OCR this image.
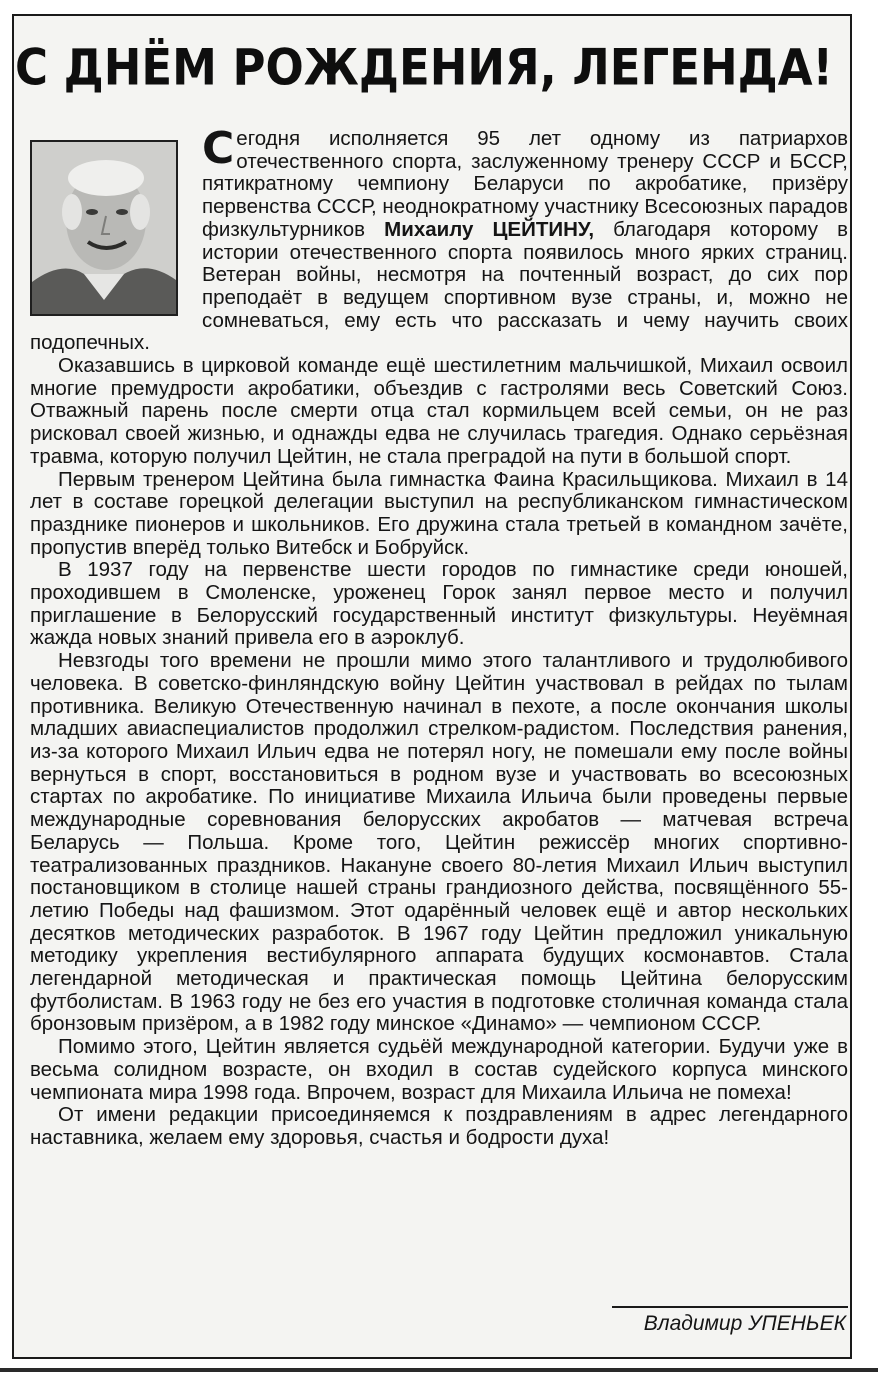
С ДНЁМ РОЖДЕНИЯ, ЛЕГЕНДА!

Сегодня исполняется 95 лет одному из патриархов отечественного спорта, заслуженному тренеру СССР и БССР, пятикратному чемпиону Беларуси по акробатике, призёру первенства СССР, неоднократному участнику Всесоюзных парадов физкультурников Михаилу ЦЕЙТИНУ, благодаря которому в истории отечественного спорта появилось много ярких страниц. Ветеран войны, несмотря на почтенный возраст, до сих пор преподаёт в ведущем спортивном вузе страны, и, можно не сомневаться, ему есть что рассказать и чему научить своих подопечных.

Оказавшись в цирковой команде ещё шестилетним мальчишкой, Михаил освоил многие премудрости акробатики, объездив с гастролями весь Советский Союз. Отважный парень после смерти отца стал кормильцем всей семьи, он не раз рисковал своей жизнью, и однажды едва не случилась трагедия. Однако серьёзная травма, которую получил Цейтин, не стала преградой на пути в большой спорт.

Первым тренером Цейтина была гимнастка Фаина Красильщикова. Михаил в 14 лет в составе горецкой делегации выступил на республиканском гимнастическом празднике пионеров и школьников. Его дружина стала третьей в командном зачёте, пропустив вперёд только Витебск и Бобруйск.

В 1937 году на первенстве шести городов по гимнастике среди юношей, проходившем в Смоленске, уроженец Горок занял первое место и получил приглашение в Белорусский государственный институт физкультуры. Неуёмная жажда новых знаний привела его в аэроклуб.

Невзгоды того времени не прошли мимо этого талантливого и трудолюбивого человека. В советско-финляндскую войну Цейтин участвовал в рейдах по тылам противника. Великую Отечественную начинал в пехоте, а после окончания школы младших авиаспециалистов продолжил стрелком-радистом. Последствия ранения, из-за которого Михаил Ильич едва не потерял ногу, не помешали ему после войны вернуться в спорт, восстановиться в родном вузе и участвовать во всесоюзных стартах по акробатике. По инициативе Михаила Ильича были проведены первые международные соревнования белорусских акробатов — матчевая встреча Беларусь — Польша. Кроме того, Цейтин режиссёр многих спортивно-театрализованных праздников. Накануне своего 80-летия Михаил Ильич выступил постановщиком в столице нашей страны грандиозного действа, посвящённого 55-летию Победы над фашизмом. Этот одарённый человек ещё и автор нескольких десятков методических разработок. В 1967 году Цейтин предложил уникальную методику укрепления вестибулярного аппарата будущих космонавтов. Стала легендарной методическая и практическая помощь Цейтина белорусским футболистам. В 1963 году не без его участия в подготовке столичная команда стала бронзовым призёром, а в 1982 году минское «Динамо» — чемпионом СССР.

Помимо этого, Цейтин является судьёй международной категории. Будучи уже в весьма солидном возрасте, он входил в состав судейского корпуса минского чемпионата мира 1998 года. Впрочем, возраст для Михаила Ильича не помеха!

От имени редакции присоединяемся к поздравлениям в адрес легендарного наставника, желаем ему здоровья, счастья и бодрости духа!

Владимир УПЕНЬЕК
